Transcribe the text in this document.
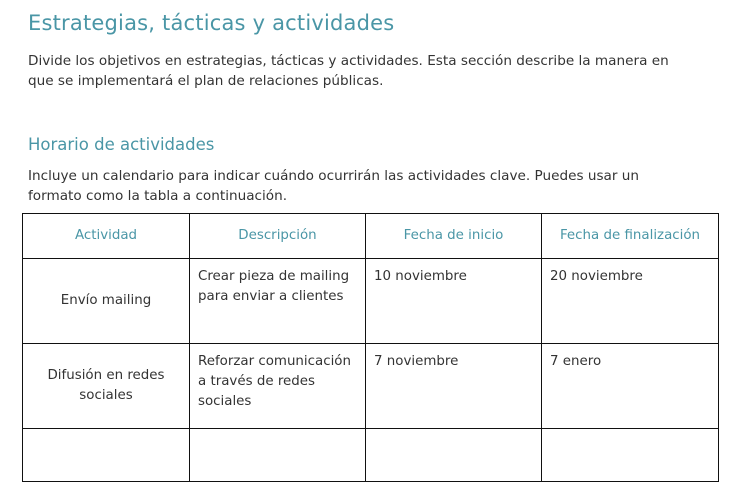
Estrategias, tácticas y actividades
Divide los objetivos en estrategias, tácticas y actividades. Esta sección describe la manera en
que se implementará el plan de relaciones públicas.
Horario de actividades
Incluye un calendario para indicar cuándo ocurrirán las actividades clave. Puedes usar un
formato como la tabla a continuación.
Actividad	Descripción	Fecha de inicio	Fecha de finalización
Envío mailing	Crear pieza de mailing para enviar a clientes	10 noviembre	20 noviembre
Difusión en redes sociales	Reforzar comunicación a través de redes sociales	7 noviembre	7 enero
